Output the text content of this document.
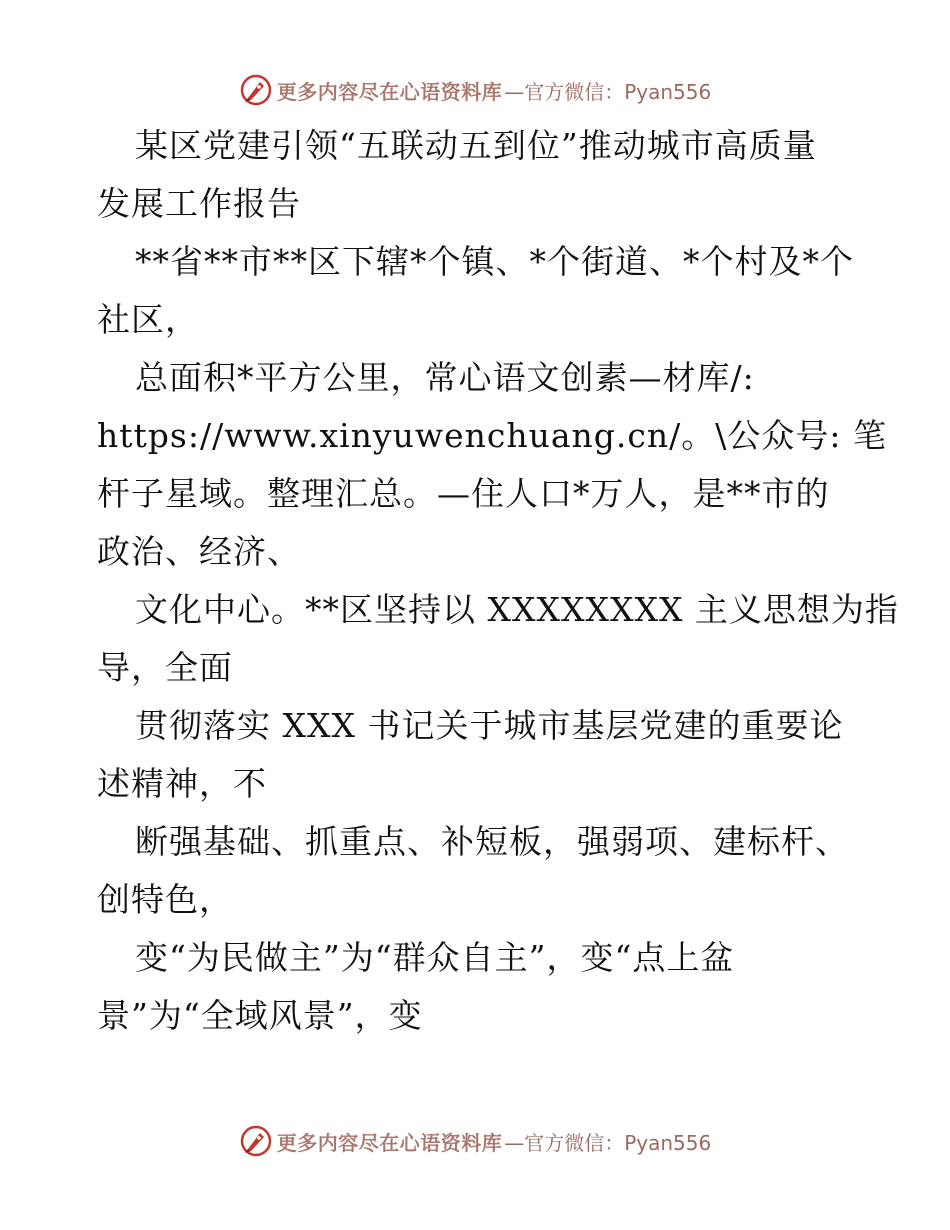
更多内容尽在心语资料库 —官方微信：Pyan556
某区党建引领“五联动五到位”推动城市高质量
发展工作报告
**省**市**区下辖*个镇、*个街道、*个村及*个
社区，
总面积*平方公里，常心语文创素—材库/:
https://www.xinyuwenchuang.cn/。\公众号: 笔
杆子星域。整理汇总。—住人口*万人，是**市的
政治、经济、
文化中心。**区坚持以 XXXXXXXX 主义思想为指
导，全面
贯彻落实 XXX 书记关于城市基层党建的重要论
述精神，不
断强基础、抓重点、补短板，强弱项、建标杆、
创特色，
变“为民做主”为“群众自主”，变“点上盆
景”为“全域风景”，变
更多内容尽在心语资料库 —官方微信：Pyan556
